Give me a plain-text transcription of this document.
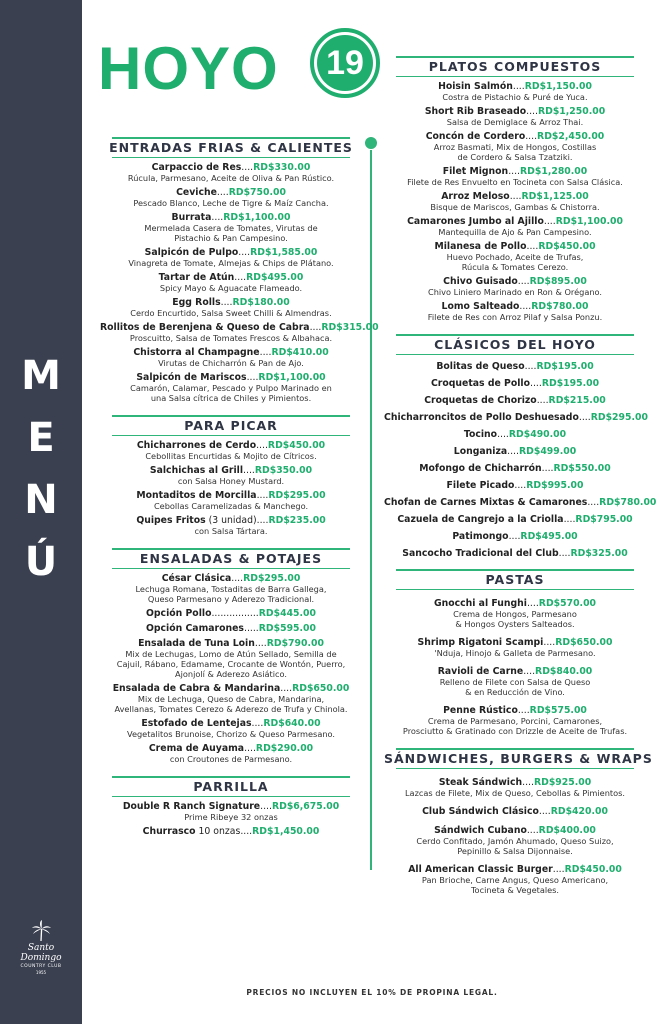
M
E
N
Ú
Santo Domingo
COUNTRY CLUB
1955
HOYO 19
ENTRADAS FRIAS & CALIENTES
Carpaccio de Res....RD$330.00
Rúcula, Parmesano, Aceite de Oliva & Pan Rústico.
Ceviche....RD$750.00
Pescado Blanco, Leche de Tigre & Maíz Cancha.
Burrata....RD$1,100.00
Mermelada Casera de Tomates, Virutas de
Pistachio & Pan Campesino.
Salpicón de Pulpo....RD$1,585.00
Vinagreta de Tomate, Almejas & Chips de Plátano.
Tartar de Atún....RD$495.00
Spicy Mayo & Aguacate Flameado.
Egg Rolls....RD$180.00
Cerdo Encurtido, Salsa Sweet Chilli & Almendras.
Rollitos de Berenjena & Queso de Cabra....RD$315.00
Proscuitto, Salsa de Tomates Frescos & Albahaca.
Chistorra al Champagne....RD$410.00
Virutas de Chicharrón & Pan de Ajo.
Salpicón de Mariscos....RD$1,100.00
Camarón, Calamar, Pescado y Pulpo Marinado en
una Salsa cítrica de Chiles y Pimientos.
PARA PICAR
Chicharrones de Cerdo....RD$450.00
Cebollitas Encurtidas & Mojito de Cítricos.
Salchichas al Grill....RD$350.00
con Salsa Honey Mustard.
Montaditos de Morcilla....RD$295.00
Cebollas Caramelizadas & Manchego.
Quipes Fritos (3 unidad)....RD$235.00
con Salsa Tártara.
ENSALADAS & POTAJES
César Clásica....RD$295.00
Lechuga Romana, Tostaditas de Barra Gallega,
Queso Parmesano y Aderezo Tradicional.
Opción Pollo................RD$445.00
Opción Camarones.....RD$595.00
Ensalada de Tuna Loin....RD$790.00
Mix de Lechugas, Lomo de Atún Sellado, Semilla de
Cajuil, Rábano, Edamame, Crocante de Wontón, Puerro,
Ajonjolí & Aderezo Asiático.
Ensalada de Cabra & Mandarina....RD$650.00
Mix de Lechuga, Queso de Cabra, Mandarina,
Avellanas, Tomates Cerezo & Aderezo de Trufa y Chinola.
Estofado de Lentejas....RD$640.00
Vegetalitos Brunoise, Chorizo & Queso Parmesano.
Crema de Auyama....RD$290.00
con Croutones de Parmesano.
PARRILLA
Double R Ranch Signature....RD$6,675.00
Prime Ribeye 32 onzas
Churrasco 10 onzas....RD$1,450.00
PLATOS COMPUESTOS
Hoisin Salmón....RD$1,150.00
Costra de Pistachio & Puré de Yuca.
Short Rib Braseado....RD$1,250.00
Salsa de Demiglace & Arroz Thai.
Concón de Cordero....RD$2,450.00
Arroz Basmati, Mix de Hongos, Costillas
de Cordero & Salsa Tzatziki.
Filet Mignon....RD$1,280.00
Filete de Res Envuelto en Tocineta con Salsa Clásica.
Arroz Meloso....RD$1,125.00
Bisque de Mariscos, Gambas & Chistorra.
Camarones Jumbo al Ajillo....RD$1,100.00
Mantequilla de Ajo & Pan Campesino.
Milanesa de Pollo....RD$450.00
Huevo Pochado, Aceite de Trufas,
Rúcula & Tomates Cerezo.
Chivo Guisado....RD$895.00
Chivo Liniero Marinado en Ron & Orégano.
Lomo Salteado....RD$780.00
Filete de Res con Arroz Pilaf y Salsa Ponzu.
CLÁSICOS DEL HOYO
Bolitas de Queso....RD$195.00
Croquetas de Pollo....RD$195.00
Croquetas de Chorizo....RD$215.00
Chicharroncitos de Pollo Deshuesado....RD$295.00
Tocino....RD$490.00
Longaniza....RD$499.00
Mofongo de Chicharrón....RD$550.00
Filete Picado....RD$995.00
Chofan de Carnes Mixtas & Camarones....RD$780.00
Cazuela de Cangrejo a la Criolla....RD$795.00
Patimongo....RD$495.00
Sancocho Tradicional del Club....RD$325.00
PASTAS
Gnocchi al Funghi....RD$570.00
Crema de Hongos, Parmesano
& Hongos Oysters Salteados.
Shrimp Rigatoni Scampi....RD$650.00
'Nduja, Hinojo & Galleta de Parmesano.
Ravioli de Carne....RD$840.00
Relleno de Filete con Salsa de Queso
& en Reducción de Vino.
Penne Rústico....RD$575.00
Crema de Parmesano, Porcini, Camarones,
Prosciutto & Gratinado con Drizzle de Aceite de Trufas.
SÁNDWICHES, BURGERS & WRAPS
Steak Sándwich....RD$925.00
Lazcas de Filete, Mix de Queso, Cebollas & Pimientos.
Club Sándwich Clásico....RD$420.00
Sándwich Cubano....RD$400.00
Cerdo Confitado, Jamón Ahumado, Queso Suizo,
Pepinillo & Salsa Dijonnaise.
All American Classic Burger....RD$450.00
Pan Brioche, Carne Angus, Queso Americano,
Tocineta & Vegetales.
PRECIOS NO INCLUYEN EL 10% DE PROPINA LEGAL.
